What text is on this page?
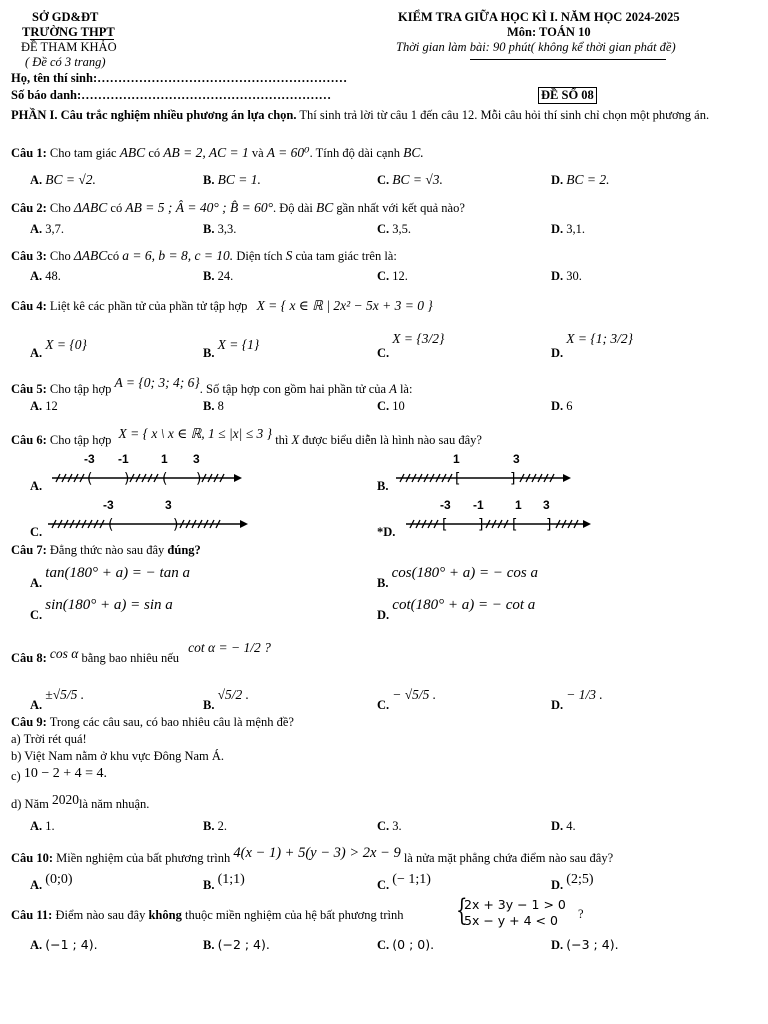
SỞ GD&ĐT
TRƯỜNG THPT
ĐỀ THAM KHẢO
( Đề có 3 trang)
KIỂM TRA GIỮA HỌC KÌ I. NĂM HỌC 2024-2025
Môn: TOÁN 10
Thời gian làm bài: 90 phút( không kể thời gian phát đề)
Họ, tên thí sinh:……………………………………………………
Số báo danh:……………………………………………………	ĐỀ SỐ 08
PHẦN I. Câu trắc nghiệm nhiều phương án lựa chọn. Thí sinh trả lời từ câu 1 đến câu 12. Mỗi câu hỏi thí sinh chỉ chọn một phương án.
Câu 1: Cho tam giác ABC có AB = 2, AC = 1 và A = 60⁰. Tính độ dài cạnh BC.
A. BC = √2.	B. BC = 1.	C. BC = √3.	D. BC = 2.
Câu 2: Cho ΔABC có AB = 5 ; Â = 40° ; B̂ = 60°. Độ dài BC gần nhất với kết quả nào?
A. 3,7.	B. 3,3.	C. 3,5.	D. 3,1.
Câu 3: Cho ΔABCcó a = 6, b = 8, c = 10. Diện tích S của tam giác trên là:
A. 48.	B. 24.	C. 12.	D. 30.
Câu 4: Liệt kê các phần tử của phần tử tập hợp X = { x ∈ ℝ | 2x² − 5x + 3 = 0 }
A. X = {0}
B. X = {1}
C. X = {3/2}
D. X = {1; 3/2}
Câu 5: Cho tập hợp A = {0; 3; 4; 6}. Số tập hợp con gồm hai phần tử của A là:
A. 12	B. 8	C. 10	D. 6
Câu 6: Cho tập hợp X = { x \ x ∈ ℝ, 1 ≤ |x| ≤ 3 } thì X được biểu diễn là hình nào sau đây?
A.
-3 -1	1 3
( ) ( )	B.
1	3
[	]
C.
-3	3
(	)	*D.
-3 -1	1 3
[ ] [ ]
Câu 7: Đẳng thức nào sau đây đúng?
A. tan(180° + a) = − tan a
B. cos(180° + a) = − cos a
C. sin(180° + a) = sin a
D. cot(180° + a) = − cot a
Câu 8: cos α bằng bao nhiêu nếu cot α = − 1/2 ?
A. ±√5/5 .
B. √5/2 .
C. − √5/5 .
D. − 1/3 .
Câu 9: Trong các câu sau, có bao nhiêu câu là mệnh đề?
a) Trời rét quá!
b) Việt Nam nằm ở khu vực Đông Nam Á.
c) 10 − 2 + 4 = 4.
d) Năm 2020là năm nhuận.
A. 1.	B. 2.	C. 3.	D. 4.
Câu 10: Miền nghiệm của bất phương trình 4(x − 1) + 5(y − 3) > 2x − 9 là nửa mặt phẳng chứa điểm nào sau đây?
A. (0;0)	B. (1;1)	C. (− 1;1)	D. (2;5)
Câu 11: Điểm nào sau đây không thuộc miền nghiệm của hệ bất phương trình {
2x + 3y − 1 > 0
5x − y + 4 < 0	?
A. (−1 ; 4).	B. (−2 ; 4).	C. (0 ; 0).	D. (−3 ; 4).
